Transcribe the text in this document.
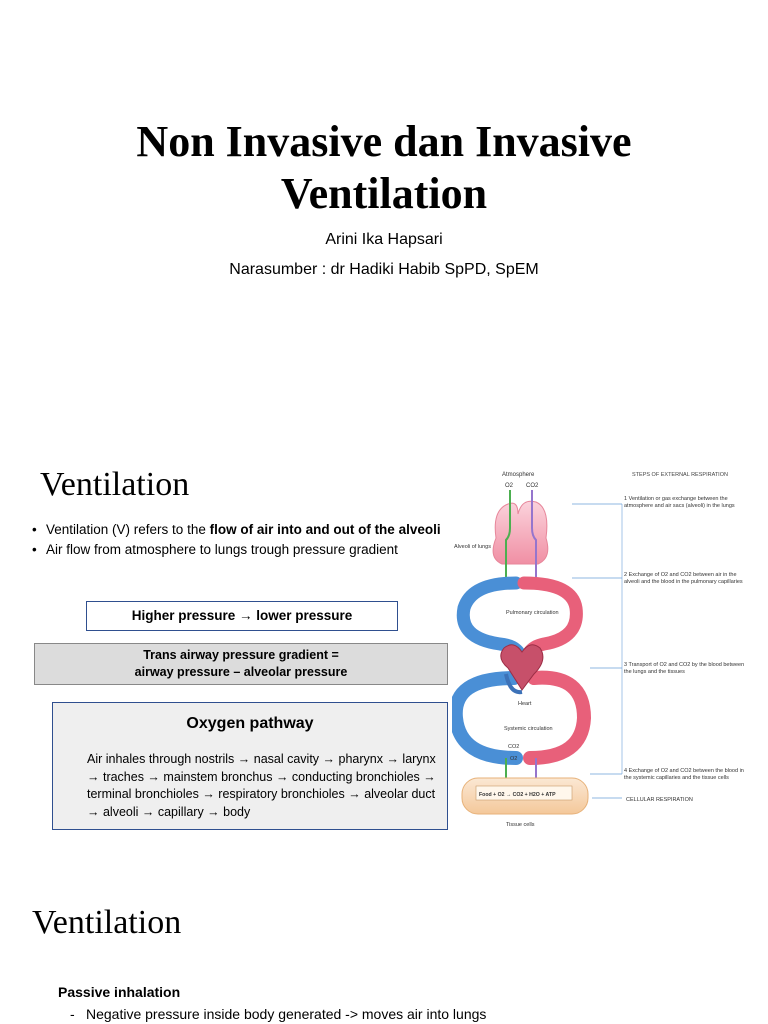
Non Invasive dan Invasive
Ventilation
Arini Ika Hapsari
Narasumber : dr Hadiki Habib SpPD, SpEM
Ventilation
• Ventilation (V) refers to the flow of air into and out of the alveoli
• Air flow from atmosphere to lungs trough pressure gradient
Higher pressure → lower pressure
Trans airway pressure gradient =
airway pressure – alveolar pressure
Oxygen pathway
Air inhales through nostrils → nasal cavity → pharynx → larynx → traches → mainstem bronchus → conducting bronchioles → terminal bronchioles → respiratory bronchioles → alveolar duct → alveoli → capillary → body
Atmosphere
O2 CO2
STEPS OF EXTERNAL RESPIRATION
Alveoli of lungs
Pulmonary circulation
Heart
Systemic circulation
CO2
O2
Food + O2 → CO2 + H2O + ATP
Tissue cells
1 Ventilation or gas exchange between the atmosphere and air sacs (alveoli) in the lungs
2 Exchange of O2 and CO2 between air in the alveoli and the blood in the pulmonary capillaries
3 Transport of O2 and CO2 by the blood between the lungs and the tissues
4 Exchange of O2 and CO2 between the blood in the systemic capillaries and the tissue cells
CELLULAR RESPIRATION
Ventilation
Passive inhalation
- Negative pressure inside body generated -> moves air into lungs
